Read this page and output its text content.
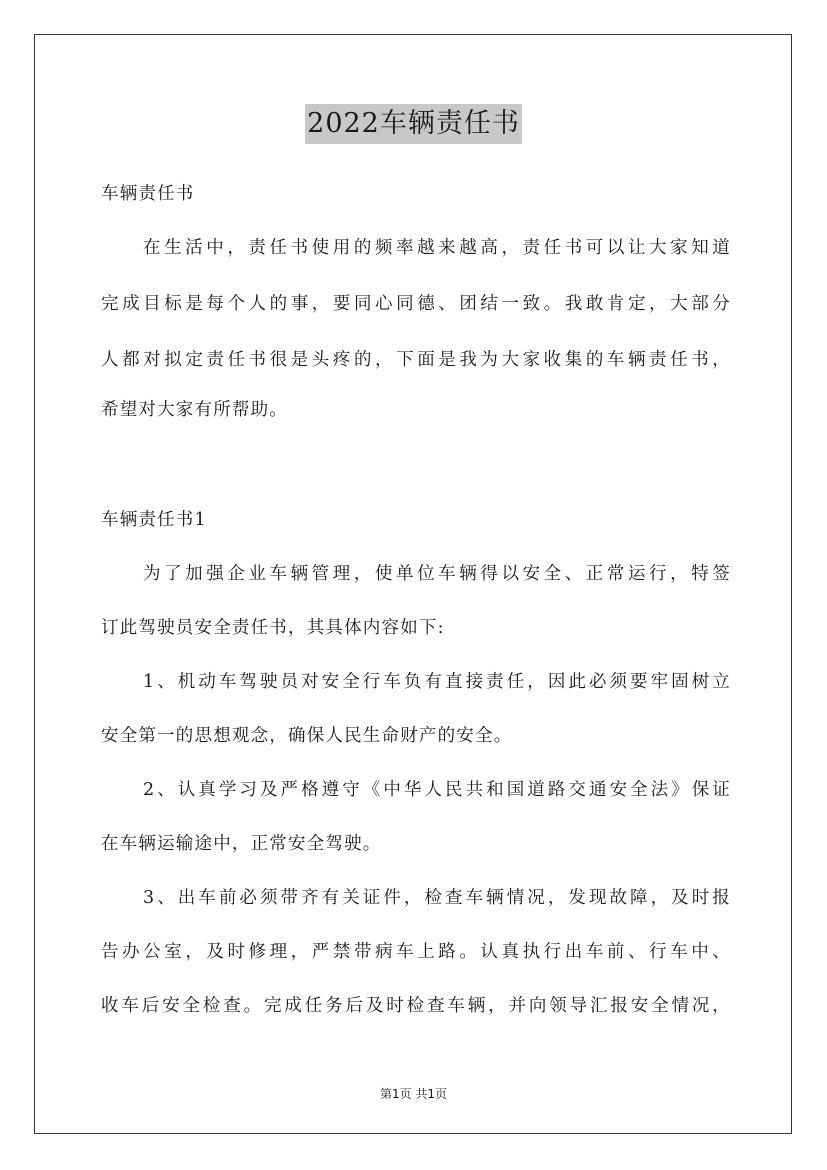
2022车辆责任书
车辆责任书
在生活中，责任书使用的频率越来越高，责任书可以让大家知道
完成目标是每个人的事，要同心同德、团结一致。我敢肯定，大部分
人都对拟定责任书很是头疼的，下面是我为大家收集的车辆责任书，
希望对大家有所帮助。
车辆责任书1
为了加强企业车辆管理，使单位车辆得以安全、正常运行，特签
订此驾驶员安全责任书，其具体内容如下:
1、机动车驾驶员对安全行车负有直接责任，因此必须要牢固树立
安全第一的思想观念，确保人民生命财产的安全。
2、认真学习及严格遵守《中华人民共和国道路交通安全法》保证
在车辆运输途中，正常安全驾驶。
3、出车前必须带齐有关证件，检查车辆情况，发现故障，及时报
告办公室，及时修理，严禁带病车上路。认真执行出车前、行车中、
收车后安全检查。完成任务后及时检查车辆，并向领导汇报安全情况，
第1页 共1页
